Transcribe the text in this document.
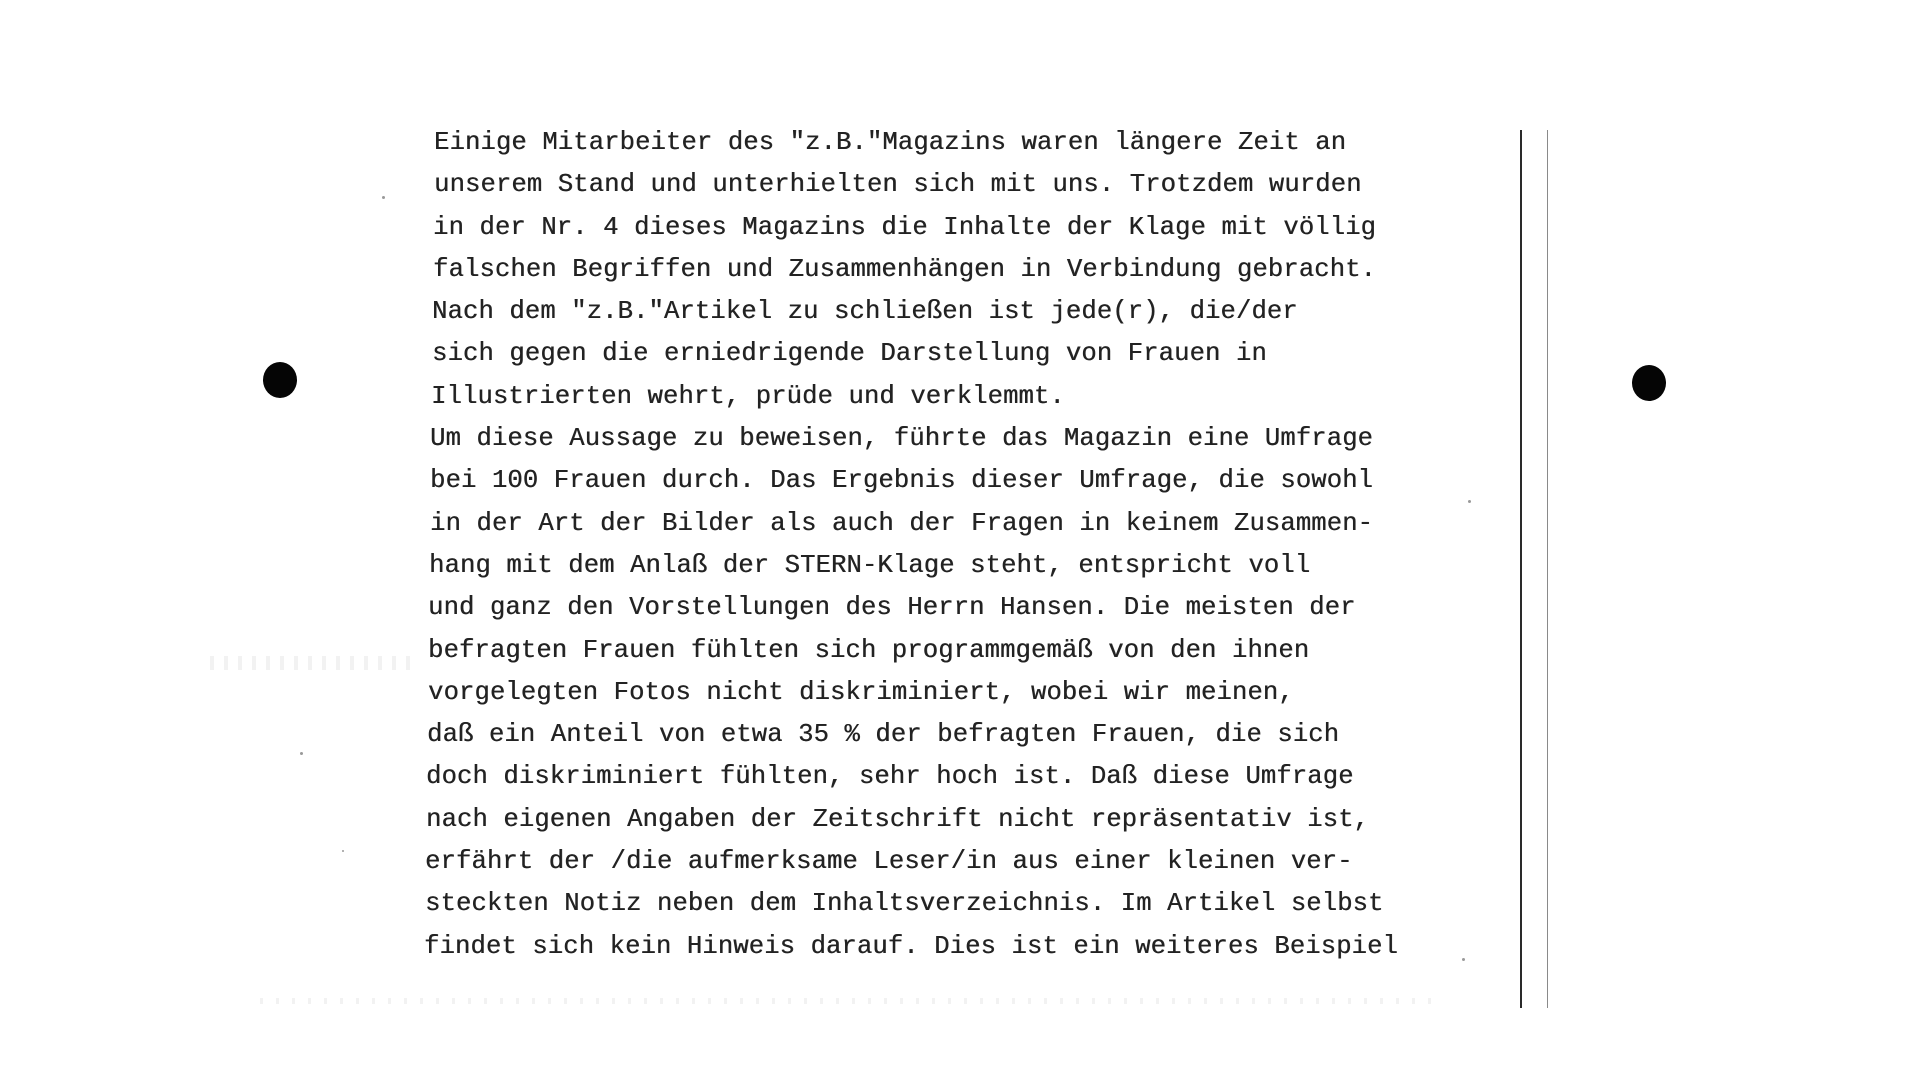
Einige Mitarbeiter des "z.B."Magazins waren längere Zeit an
unserem Stand und unterhielten sich mit uns. Trotzdem wurden
in der Nr. 4 dieses Magazins die Inhalte der Klage mit völlig
falschen Begriffen und Zusammenhängen in Verbindung gebracht.
Nach dem "z.B."Artikel zu schließen ist jede(r), die/der
sich gegen die erniedrigende Darstellung von Frauen in
Illustrierten wehrt, prüde und verklemmt.
Um diese Aussage zu beweisen, führte das Magazin eine Umfrage
bei 100 Frauen durch. Das Ergebnis dieser Umfrage, die sowohl
in der Art der Bilder als auch der Fragen in keinem Zusammen-
hang mit dem Anlaß der STERN-Klage steht, entspricht voll
und ganz den Vorstellungen des Herrn Hansen. Die meisten der
befragten Frauen fühlten sich programmgemäß von den ihnen
vorgelegten Fotos nicht diskriminiert, wobei wir meinen,
daß ein Anteil von etwa 35 % der befragten Frauen, die sich
doch diskriminiert fühlten, sehr hoch ist. Daß diese Umfrage
nach eigenen Angaben der Zeitschrift nicht repräsentativ ist,
erfährt der /die aufmerksame Leser/in aus einer kleinen ver-
steckten Notiz neben dem Inhaltsverzeichnis. Im Artikel selbst
findet sich kein Hinweis darauf. Dies ist ein weiteres Beispiel
